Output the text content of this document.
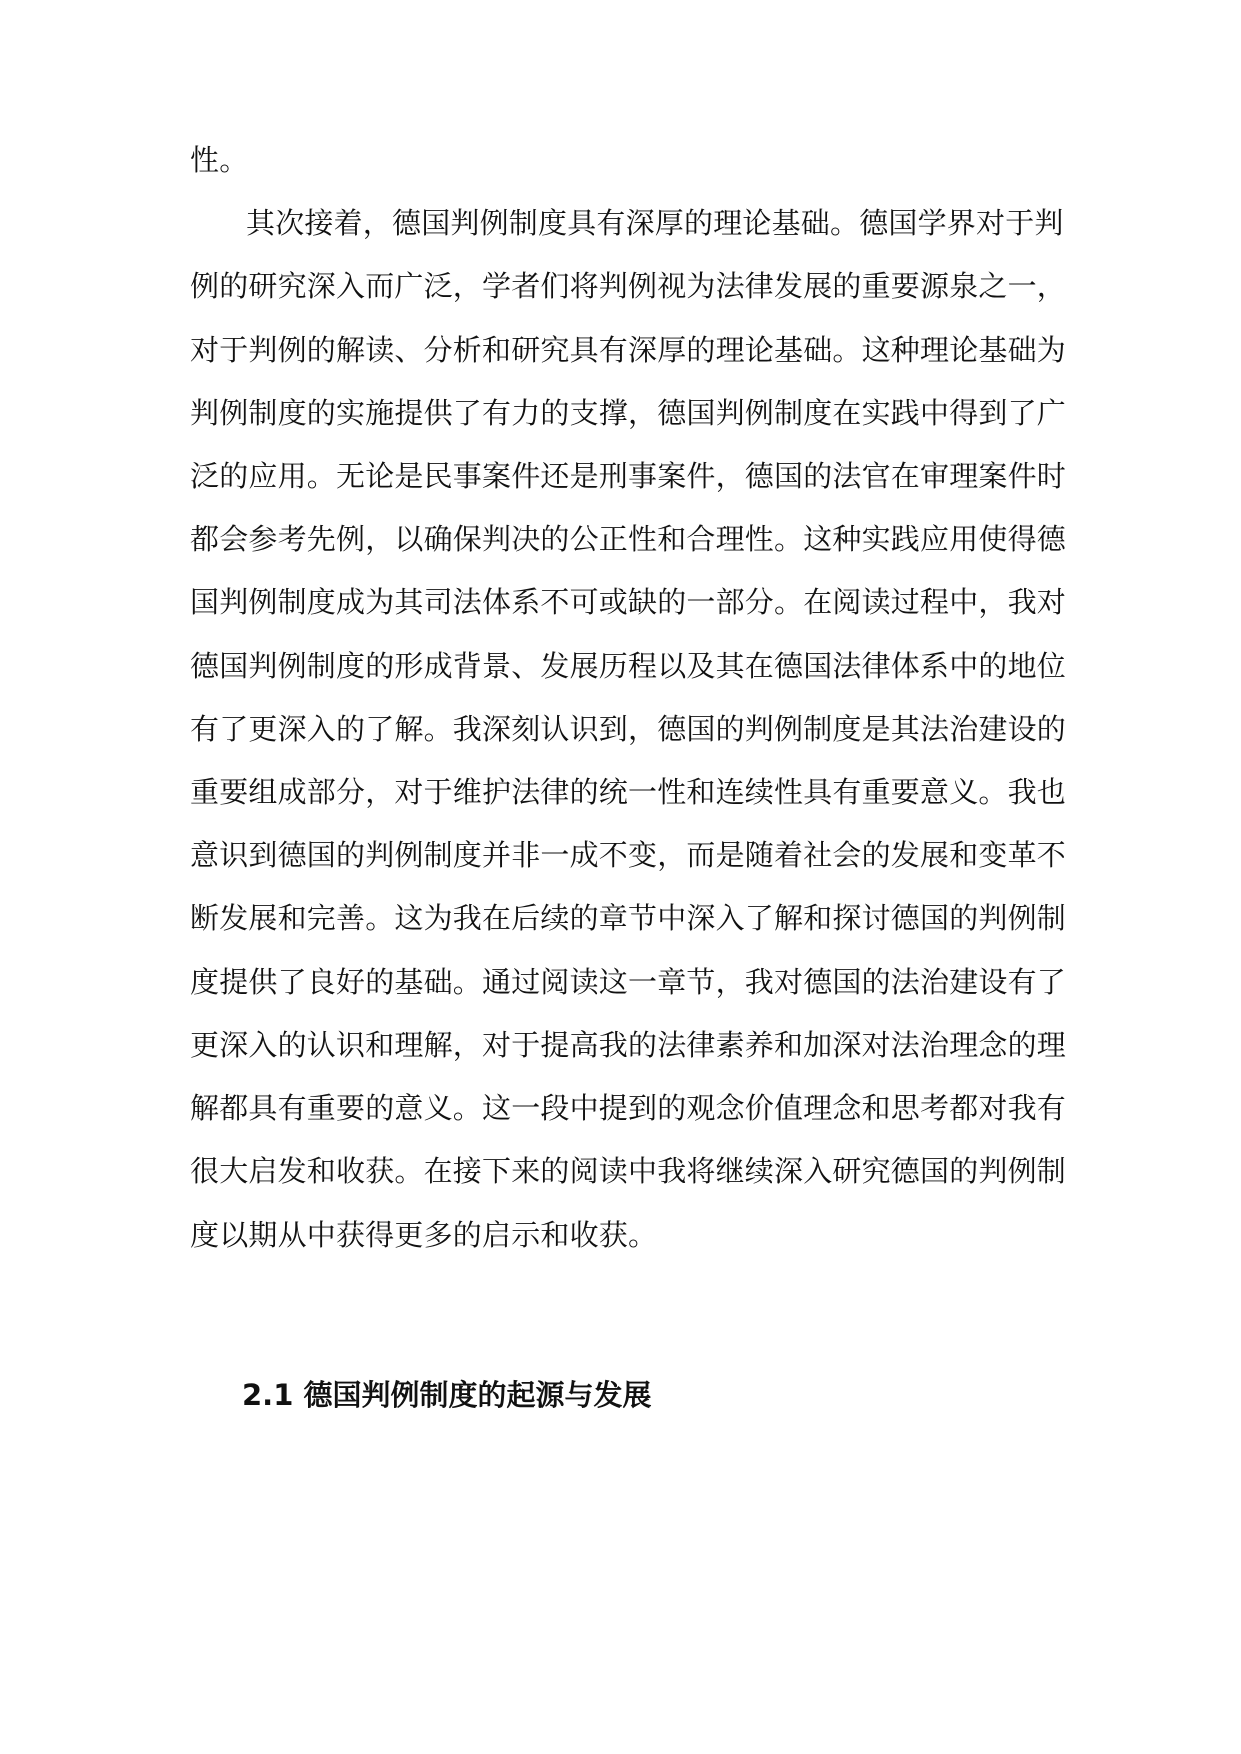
性。
其次接着，德国判例制度具有深厚的理论基础。德国学界对于判
例的研究深入而广泛，学者们将判例视为法律发展的重要源泉之一，
对于判例的解读、分析和研究具有深厚的理论基础。这种理论基础为
判例制度的实施提供了有力的支撑，德国判例制度在实践中得到了广
泛的应用。无论是民事案件还是刑事案件，德国的法官在审理案件时
都会参考先例，以确保判决的公正性和合理性。这种实践应用使得德
国判例制度成为其司法体系不可或缺的一部分。在阅读过程中，我对
德国判例制度的形成背景、发展历程以及其在德国法律体系中的地位
有了更深入的了解。我深刻认识到，德国的判例制度是其法治建设的
重要组成部分，对于维护法律的统一性和连续性具有重要意义。我也
意识到德国的判例制度并非一成不变，而是随着社会的发展和变革不
断发展和完善。这为我在后续的章节中深入了解和探讨德国的判例制
度提供了良好的基础。通过阅读这一章节，我对德国的法治建设有了
更深入的认识和理解，对于提高我的法律素养和加深对法治理念的理
解都具有重要的意义。这一段中提到的观念价值理念和思考都对我有
很大启发和收获。在接下来的阅读中我将继续深入研究德国的判例制
度以期从中获得更多的启示和收获。
2.1 德国判例制度的起源与发展
